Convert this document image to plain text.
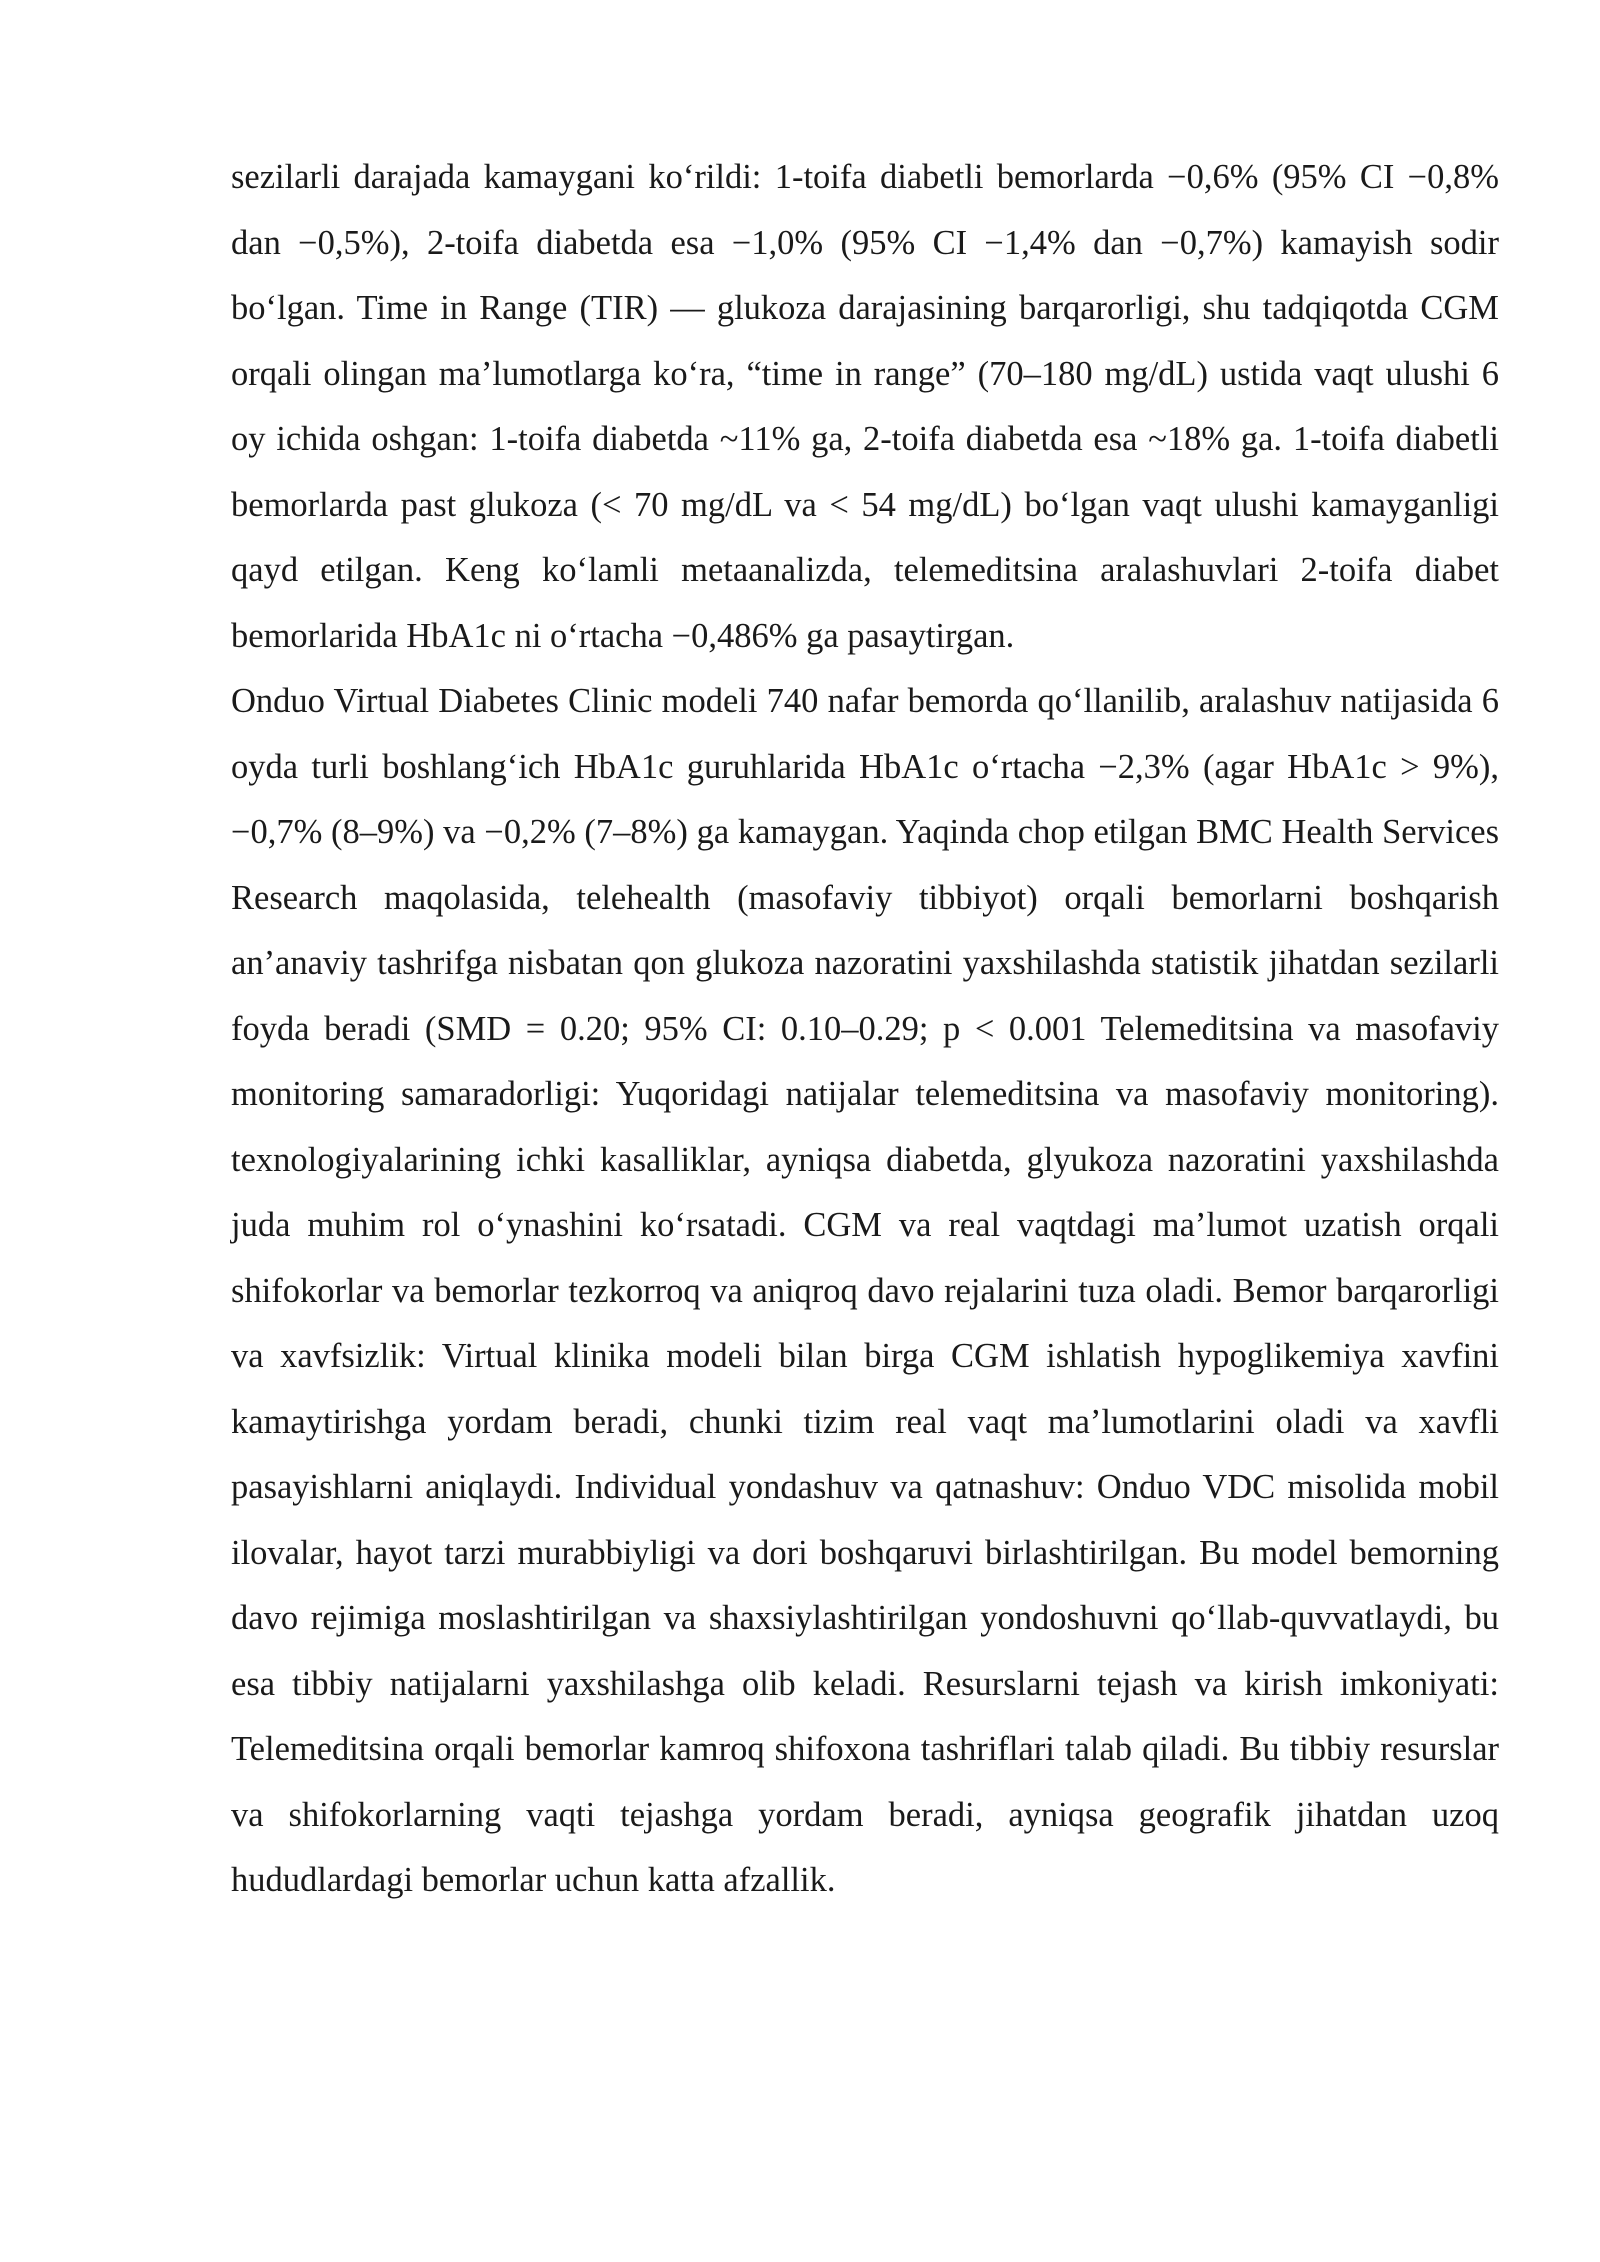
sezilarli darajada kamaygani ko‘rildi: 1-toifa diabetli bemorlarda −0,6% (95% CI −0,8% dan −0,5%), 2-toifa diabetda esa −1,0% (95% CI −1,4% dan −0,7%) kamayish sodir bo‘lgan. Time in Range (TIR) — glukoza darajasining barqarorligi, shu tadqiqotda CGM orqali olingan ma’lumotlarga ko‘ra, “time in range” (70–180 mg/dL) ustida vaqt ulushi 6 oy ichida oshgan: 1-toifa diabetda ~11% ga, 2-toifa diabetda esa ~18% ga. 1-toifa diabetli bemorlarda past glukoza (< 70 mg/dL va < 54 mg/dL) bo‘lgan vaqt ulushi kamayganligi qayd etilgan. Keng ko‘lamli metaanalizda, telemeditsina aralashuvlari 2-toifa diabet bemorlarida HbA1c ni o‘rtacha −0,486% ga pasaytirgan.

Onduo Virtual Diabetes Clinic modeli 740 nafar bemorda qo‘llanilib, aralashuv natijasida 6 oyda turli boshlang‘ich HbA1c guruhlarida HbA1c o‘rtacha −2,3% (agar HbA1c > 9%), −0,7% (8–9%) va −0,2% (7–8%) ga kamaygan. Yaqinda chop etilgan BMC Health Services Research maqolasida, telehealth (masofaviy tibbiyot) orqali bemorlarni boshqarish an’anaviy tashrifga nisbatan qon glukoza nazoratini yaxshilashda statistik jihatdan sezilarli foyda beradi (SMD = 0.20; 95% CI: 0.10–0.29; p < 0.001 Telemeditsina va masofaviy monitoring samaradorligi: Yuqoridagi natijalar telemeditsina va masofaviy monitoring). texnologiyalarining ichki kasalliklar, ayniqsa diabetda, glyukoza nazoratini yaxshilashda juda muhim rol o‘ynashini ko‘rsatadi. CGM va real vaqtdagi ma’lumot uzatish orqali shifokorlar va bemorlar tezkorroq va aniqroq davo rejalarini tuza oladi. Bemor barqarorligi va xavfsizlik: Virtual klinika modeli bilan birga CGM ishlatish hypoglikemiya xavfini kamaytirishga yordam beradi, chunki tizim real vaqt ma’lumotlarini oladi va xavfli pasayishlarni aniqlaydi. Individual yondashuv va qatnashuv: Onduo VDC misolida mobil ilovalar, hayot tarzi murabbiyligi va dori boshqaruvi birlashtirilgan. Bu model bemorning davo rejimiga moslashtirilgan va shaxsiylashtirilgan yondoshuvni qo‘llab-quvvatlaydi, bu esa tibbiy natijalarni yaxshilashga olib keladi. Resurslarni tejash va kirish imkoniyati: Telemeditsina orqali bemorlar kamroq shifoxona tashriflari talab qiladi. Bu tibbiy resurslar va shifokorlarning vaqti tejashga yordam beradi, ayniqsa geografik jihatdan uzoq hududlardagi bemorlar uchun katta afzallik.
